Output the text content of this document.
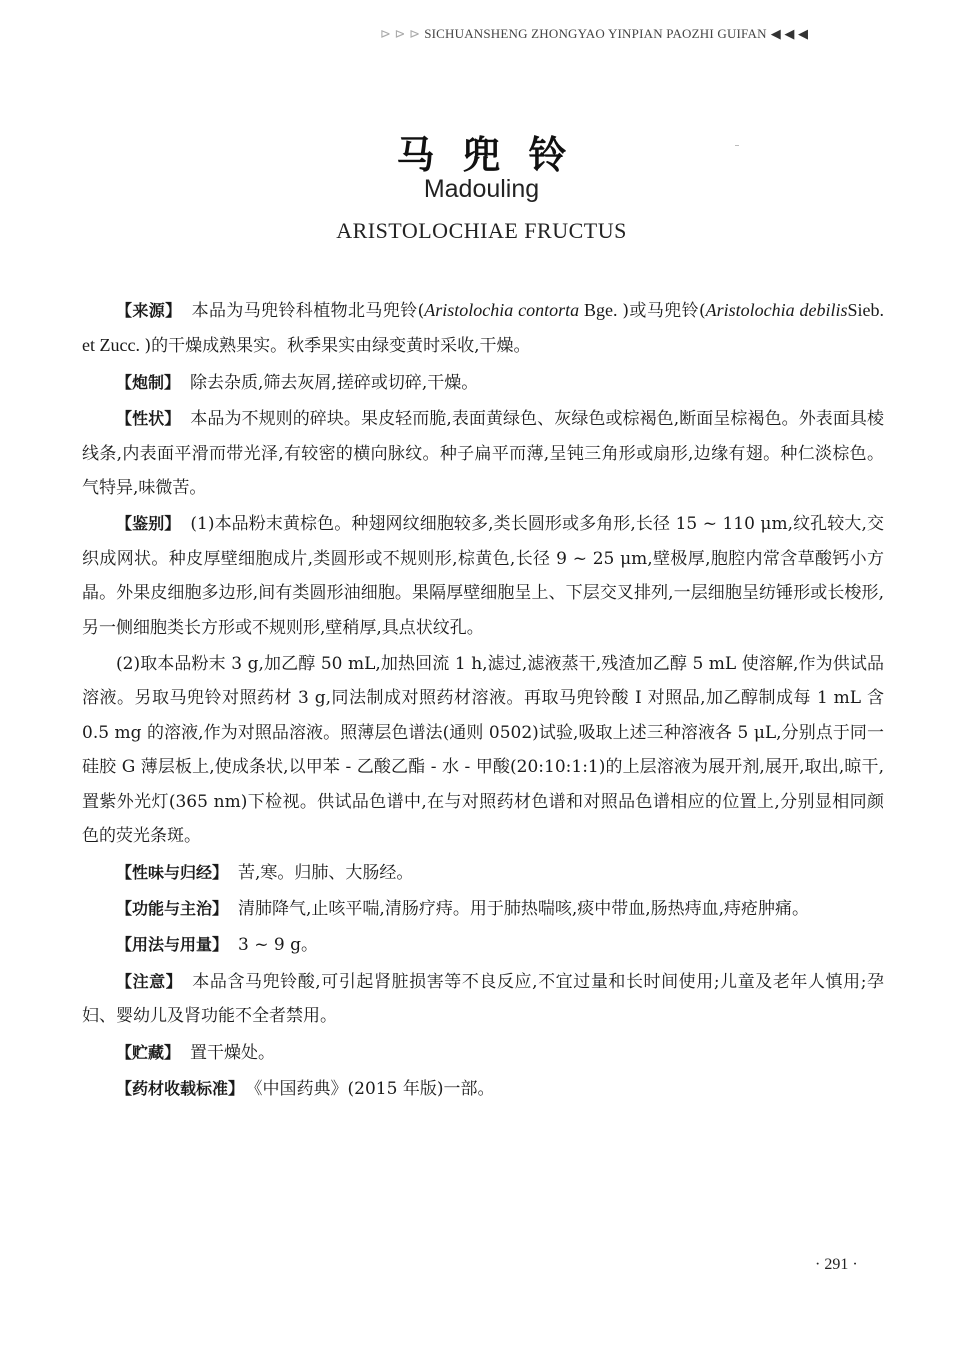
⊳ ⊳ ⊳ SICHUANSHENG ZHONGYAO YINPIAN PAOZHI GUIFAN ◀ ◀ ◀
马兜铃
Madouling
ARISTOLOCHIAE FRUCTUS

【来源】 本品为马兜铃科植物北马兜铃(Aristolochia contorta Bge. )或马兜铃(Aristolochia debilisSieb. et Zucc. )的干燥成熟果实。秋季果实由绿变黄时采收,干燥。

【炮制】 除去杂质,筛去灰屑,搓碎或切碎,干燥。

【性状】 本品为不规则的碎块。果皮轻而脆,表面黄绿色、灰绿色或棕褐色,断面呈棕褐色。外表面具棱线条,内表面平滑而带光泽,有较密的横向脉纹。种子扁平而薄,呈钝三角形或扇形,边缘有翅。种仁淡棕色。气特异,味微苦。

【鉴别】 (1)本品粉末黄棕色。种翅网纹细胞较多,类长圆形或多角形,长径 15 ~ 110 μm,纹孔较大,交织成网状。种皮厚壁细胞成片,类圆形或不规则形,棕黄色,长径 9 ~ 25 μm,壁极厚,胞腔内常含草酸钙小方晶。外果皮细胞多边形,间有类圆形油细胞。果隔厚壁细胞呈上、下层交叉排列,一层细胞呈纺锤形或长梭形,另一侧细胞类长方形或不规则形,壁稍厚,具点状纹孔。

(2)取本品粉末 3 g,加乙醇 50 mL,加热回流 1 h,滤过,滤液蒸干,残渣加乙醇 5 mL 使溶解,作为供试品溶液。另取马兜铃对照药材 3 g,同法制成对照药材溶液。再取马兜铃酸 I 对照品,加乙醇制成每 1 mL 含 0.5 mg 的溶液,作为对照品溶液。照薄层色谱法(通则 0502)试验,吸取上述三种溶液各 5 μL,分别点于同一硅胶 G 薄层板上,使成条状,以甲苯 - 乙酸乙酯 - 水 - 甲酸(20:10:1:1)的上层溶液为展开剂,展开,取出,晾干,置紫外光灯(365 nm)下检视。供试品色谱中,在与对照药材色谱和对照品色谱相应的位置上,分别显相同颜色的荧光条斑。

【性味与归经】 苦,寒。归肺、大肠经。

【功能与主治】 清肺降气,止咳平喘,清肠疗痔。用于肺热喘咳,痰中带血,肠热痔血,痔疮肿痛。

【用法与用量】 3 ~ 9 g。

【注意】 本品含马兜铃酸,可引起肾脏损害等不良反应,不宜过量和长时间使用;儿童及老年人慎用;孕妇、婴幼儿及肾功能不全者禁用。

【贮藏】 置干燥处。

【药材收载标准】 《中国药典》(2015 年版)一部。

· 291 ·
